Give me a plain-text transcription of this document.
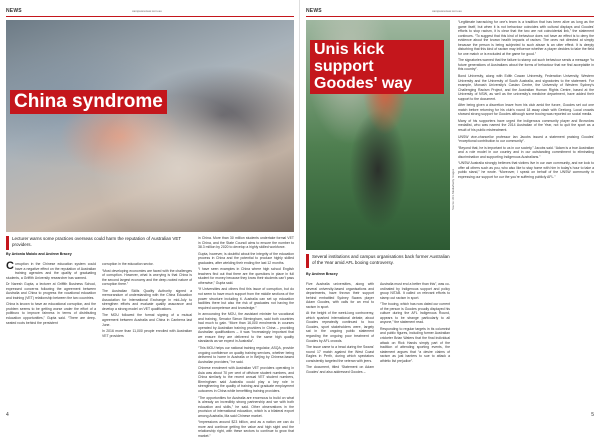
NEWS	campusreview.com.au
China syndrome
Lecturer warns some practices overseas could harm the reputation of Australian VET providers.
By Antonia Maiolo and Andrew Bracey

Corruption in the Chinese education system could have a negative effect on the reputation of Australian training agencies and the quality of graduating students, a Griffith University researcher has warned.

Dr Naresh Gupta, a lecturer at Griffith Business School, expressed concerns following the agreement between Australia and China to progress the vocational education and training (VET) relationship between the two countries.

China is known to have an educational corruption, and the problem seems to be getting worse under the effort of a politburo to improve fairness in terms of distributing education opportunities,” Gupta said. “There are deep-seated roots behind the persistent

corruption in the education sector.

“Most developing economies are faced with the challenges of corruption. However, what is worrying is that China is the second largest economy and the deep-rooted nature of corruption there.”

The Australian Skills Quality Authority signed a memorandum of understanding with the China Education Association for International Exchange in mid-July to strengthen efforts and evaluate quality assurance and develop a strong model on VET qualifications.

The MOU followed the formal signing of a mutual agreement between Australia and China in Canberra last June.

In 2016 more than 11,000 people enrolled with Australian VET providers

in China. More than 30 million students undertake formal VET in China, and the State Council aims to ensure the number to 38.3 million by 2020 to develop a highly skilled workforce.

Gupta, however, is doubtful about the integrity of the education process in China and the potential to produce highly skilled graduates, after wielding their ending the last 12 months.

“I have seen examples in China where high school English teachers find out that there are the questions in place in full student for money because they know their students can't pass otherwise,” Gupta said.

“If Universities and others find this issue of corruption, but do not seem to have much support from the middle sections of the power structure including it. Australia can set up education facilities there but also the risk of graduates not having the required competence and knowledge.”

In announcing the MOU, the assistant minister for vocational and training, Senator Simon Birmingham, said both countries had much to gain. “More than 16,000 enrolments in courses operated by Australian training providers in China – providing Australian qualifications – it was “increasingly important that we ensure they are delivered to the same high quality standards as we expect in Australia”.

“This MOU helps our national training regulator, ASQA, provide ongoing confidence on quality training services, whether being delivered to home in Australia or in Beijing by Chinese-based Australian providers,” he said.

Chinese enrolment with Australian VET providers operating in Asia was about 70 per cent of offshore student numbers, and China similarly to the recent annual VET student numbers, Birmingham said Australia could play a key role in strengthening the quality of training and graduate employment outcomes in China while benefitting training providers.

“The opportunities for Australia are enormous to build on what is already an incredibly strong partnership and we with both education and skills,” he said. Other observations in the provision of international education, which is a bilateral export among Australia, Ma said Chinese market.

“Impressions around $23 billion, and as a nation we can do more and continue getting the value and high sight and the relationship right, with these sectors to continue to grow that market.”

4
NEWS	campusreview.com.au
Unis kick support Goodes' way
Source: AFL Media/Getty Images
Several institutions and campus organisations back former Australian of the Year amid AFL booing controversy.
By Andrew Bracey

Five Australia universities, along with several university-based organisations and departments, have thrown their support behind embattled Sydney Swans player Adam Goodes, with calls for an end to racism in sport.

At the height of the week-long controversy, which sparked international debate, about Goodes repeatedly continued to boo Goodes, sport stakeholders were, largely sat in the ongoing public statement regarding the ongoing poor treatment of Goodes by AFL crowds.

The issue came to a head during the Swans' round 17 match against the West Coast Eagles in Perth, during which spectators consistently targeted the veteran with jeers.

The document, titled ‘Statement on Adam Goodes’ and also addressed Goodes –

Australia must end a better than this”, was co-ordinated by Indigenous support and policy group NITAB. It called on relevant efforts to stamp out racism in sport.

“The booing, which has now dated our current of the person is Goodes proudly displayed his culture during the AFL Indigenous Round, appears to be strange particularly to all anyone,” the statement read.

Responding to regular targets in its columnist and public figures, including former Australian cricketer Brian Waters that the final individual attack on Rick Hands simply part of the tradition of attending sporting events, the statement argues that “a desire claims of racism as just banters to sue to attack a athletic list prejudice”.

“Legitimate barracking for one's team is a tradition that has been alive as long as the game itself, but when it is not behaviour coincides with cultural displays and Goodes' efforts to stop racism, it is clear that the two are not coincidental link,” the statement continues. “To suggest that this kind of behaviour does not have an effect is to deny the evidence about the known health impacts of racism. The ones not directed at simply because the person is being subjected to such abuse is an utter effect. It is deeply disturbing that this kind of racism may influence whether a player decides to take the field for one match or is excluded at the game for good.”

The signatories warned that the failure to stamp out such behaviour sends a message “to future generations of Australians about the forms of behaviour that we find acceptable in this country”.

Bond University, along with Edith Cowan University, Federation University, Western University and the University of South Australia, and signatories to the statement. For example, Monash University's Castan Centre, the University of Western Sydney's Challenging Racism Project, and the Australian Human Rights Centre, based at the University of NSW, as well as the university's medicine department, have added their support to the document.

After being given a discretion leave from his club amid the furore, Goodes set out one match before returning for his club's round 18 away clash with Geelong. Local crowds showed strong support for Goodes although some booing was reported on social media.

Many of his supporters have urged the indigenous community player and Brownlow medallist, who was named the 2014 Australian of the Year, not to quit the sport as a result of his public mistreatment.

UNSW vice-chancellor professor Ian Jacobs issued a statement praising Goodes' “exceptional contribution to our community”.

“Beyond that, he is important to us in our society,” Jacobs said. “Adam is a true Australian and a role model in our country and in our outstanding commitment to eliminating discrimination and supporting Indigenous Australians.”

“UNSW Australia strongly believes that victims live in our own community, and we look to offer all others such as you, who also like to stay home with him in today's hour to take a public stand,” he wrote. “Moreover, I speak on behalf of the UNSW community in expressing our support for our the you're suffering publicly AFL.”

5
